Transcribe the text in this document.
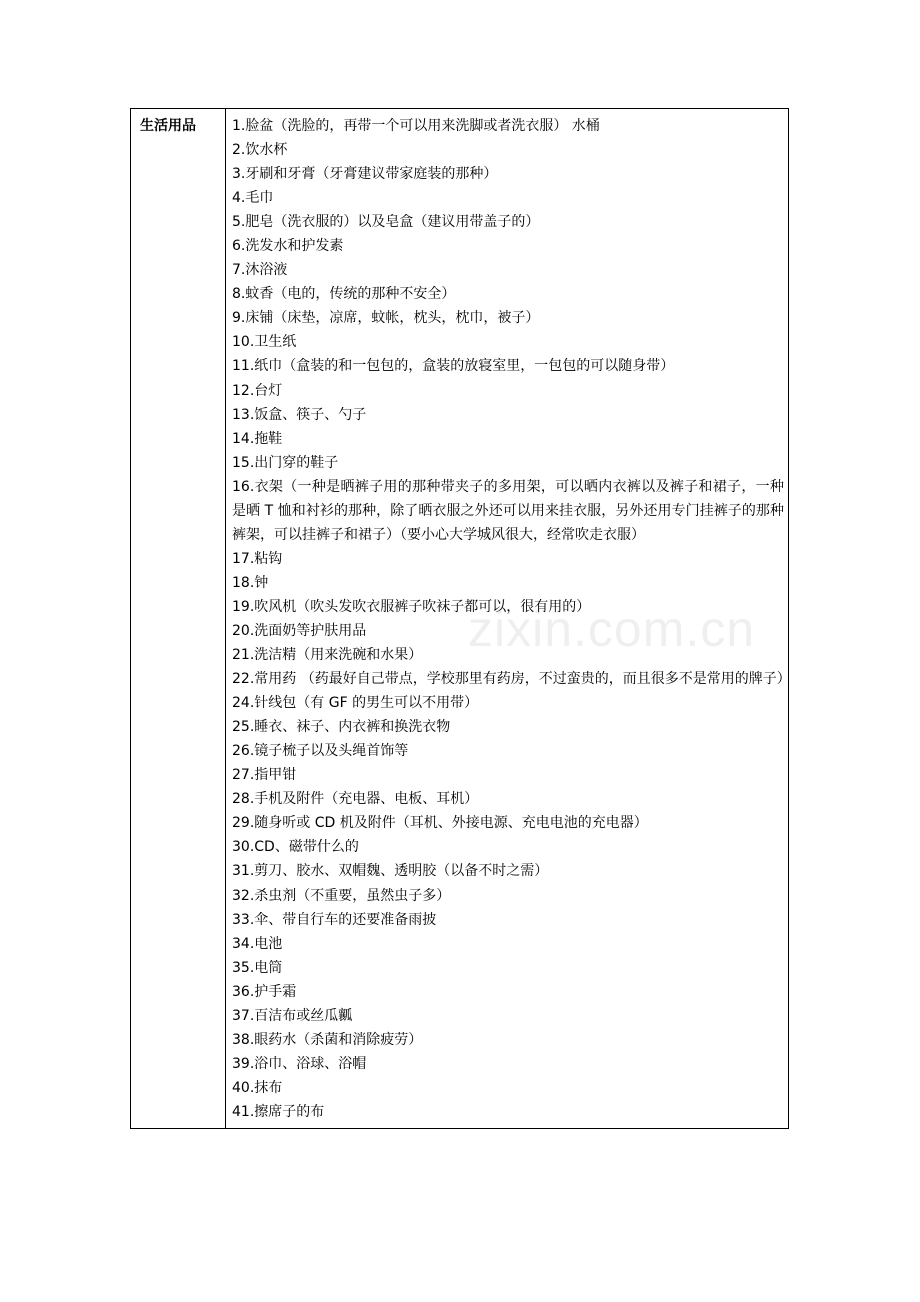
生活用品	1.脸盆（洗脸的，再带一个可以用来洗脚或者洗衣服） 水桶
2.饮水杯
3.牙刷和牙膏（牙膏建议带家庭装的那种）
4.毛巾
5.肥皂（洗衣服的）以及皂盒（建议用带盖子的）
6.洗发水和护发素
7.沐浴液
8.蚊香（电的，传统的那种不安全）
9.床铺（床垫，凉席，蚊帐，枕头，枕巾，被子）
10.卫生纸
11.纸巾（盒装的和一包包的，盒装的放寝室里，一包包的可以随身带）
12.台灯
13.饭盒、筷子、勺子
14.拖鞋
15.出门穿的鞋子
16.衣架（一种是晒裤子用的那种带夹子的多用架，可以晒内衣裤以及裤子和裙子，一种是晒 T 恤和衬衫的那种，除了晒衣服之外还可以用来挂衣服，另外还用专门挂裤子的那种裤架，可以挂裤子和裙子）（要小心大学城风很大，经常吹走衣服）
17.粘钩
18.钟
19.吹风机（吹头发吹衣服裤子吹袜子都可以，很有用的）
20.洗面奶等护肤用品
21.洗洁精（用来洗碗和水果）
22.常用药 （药最好自己带点，学校那里有药房，不过蛮贵的，而且很多不是常用的牌子）
24.针线包（有 GF 的男生可以不用带）
25.睡衣、袜子、内衣裤和换洗衣物
26.镜子梳子以及头绳首饰等
27.指甲钳
28.手机及附件（充电器、电板、耳机）
29.随身听或 CD 机及附件（耳机、外接电源、充电电池的充电器）
30.CD、磁带什么的
31.剪刀、胶水、双帽魏、透明胶（以备不时之需）
32.杀虫剂（不重要，虽然虫子多）
33.伞、带自行车的还要准备雨披
34.电池
35.电筒
36.护手霜
37.百洁布或丝瓜瓤
38.眼药水（杀菌和消除疲劳）
39.浴巾、浴球、浴帽
40.抹布
41.擦席子的布
zixin.com.cn
